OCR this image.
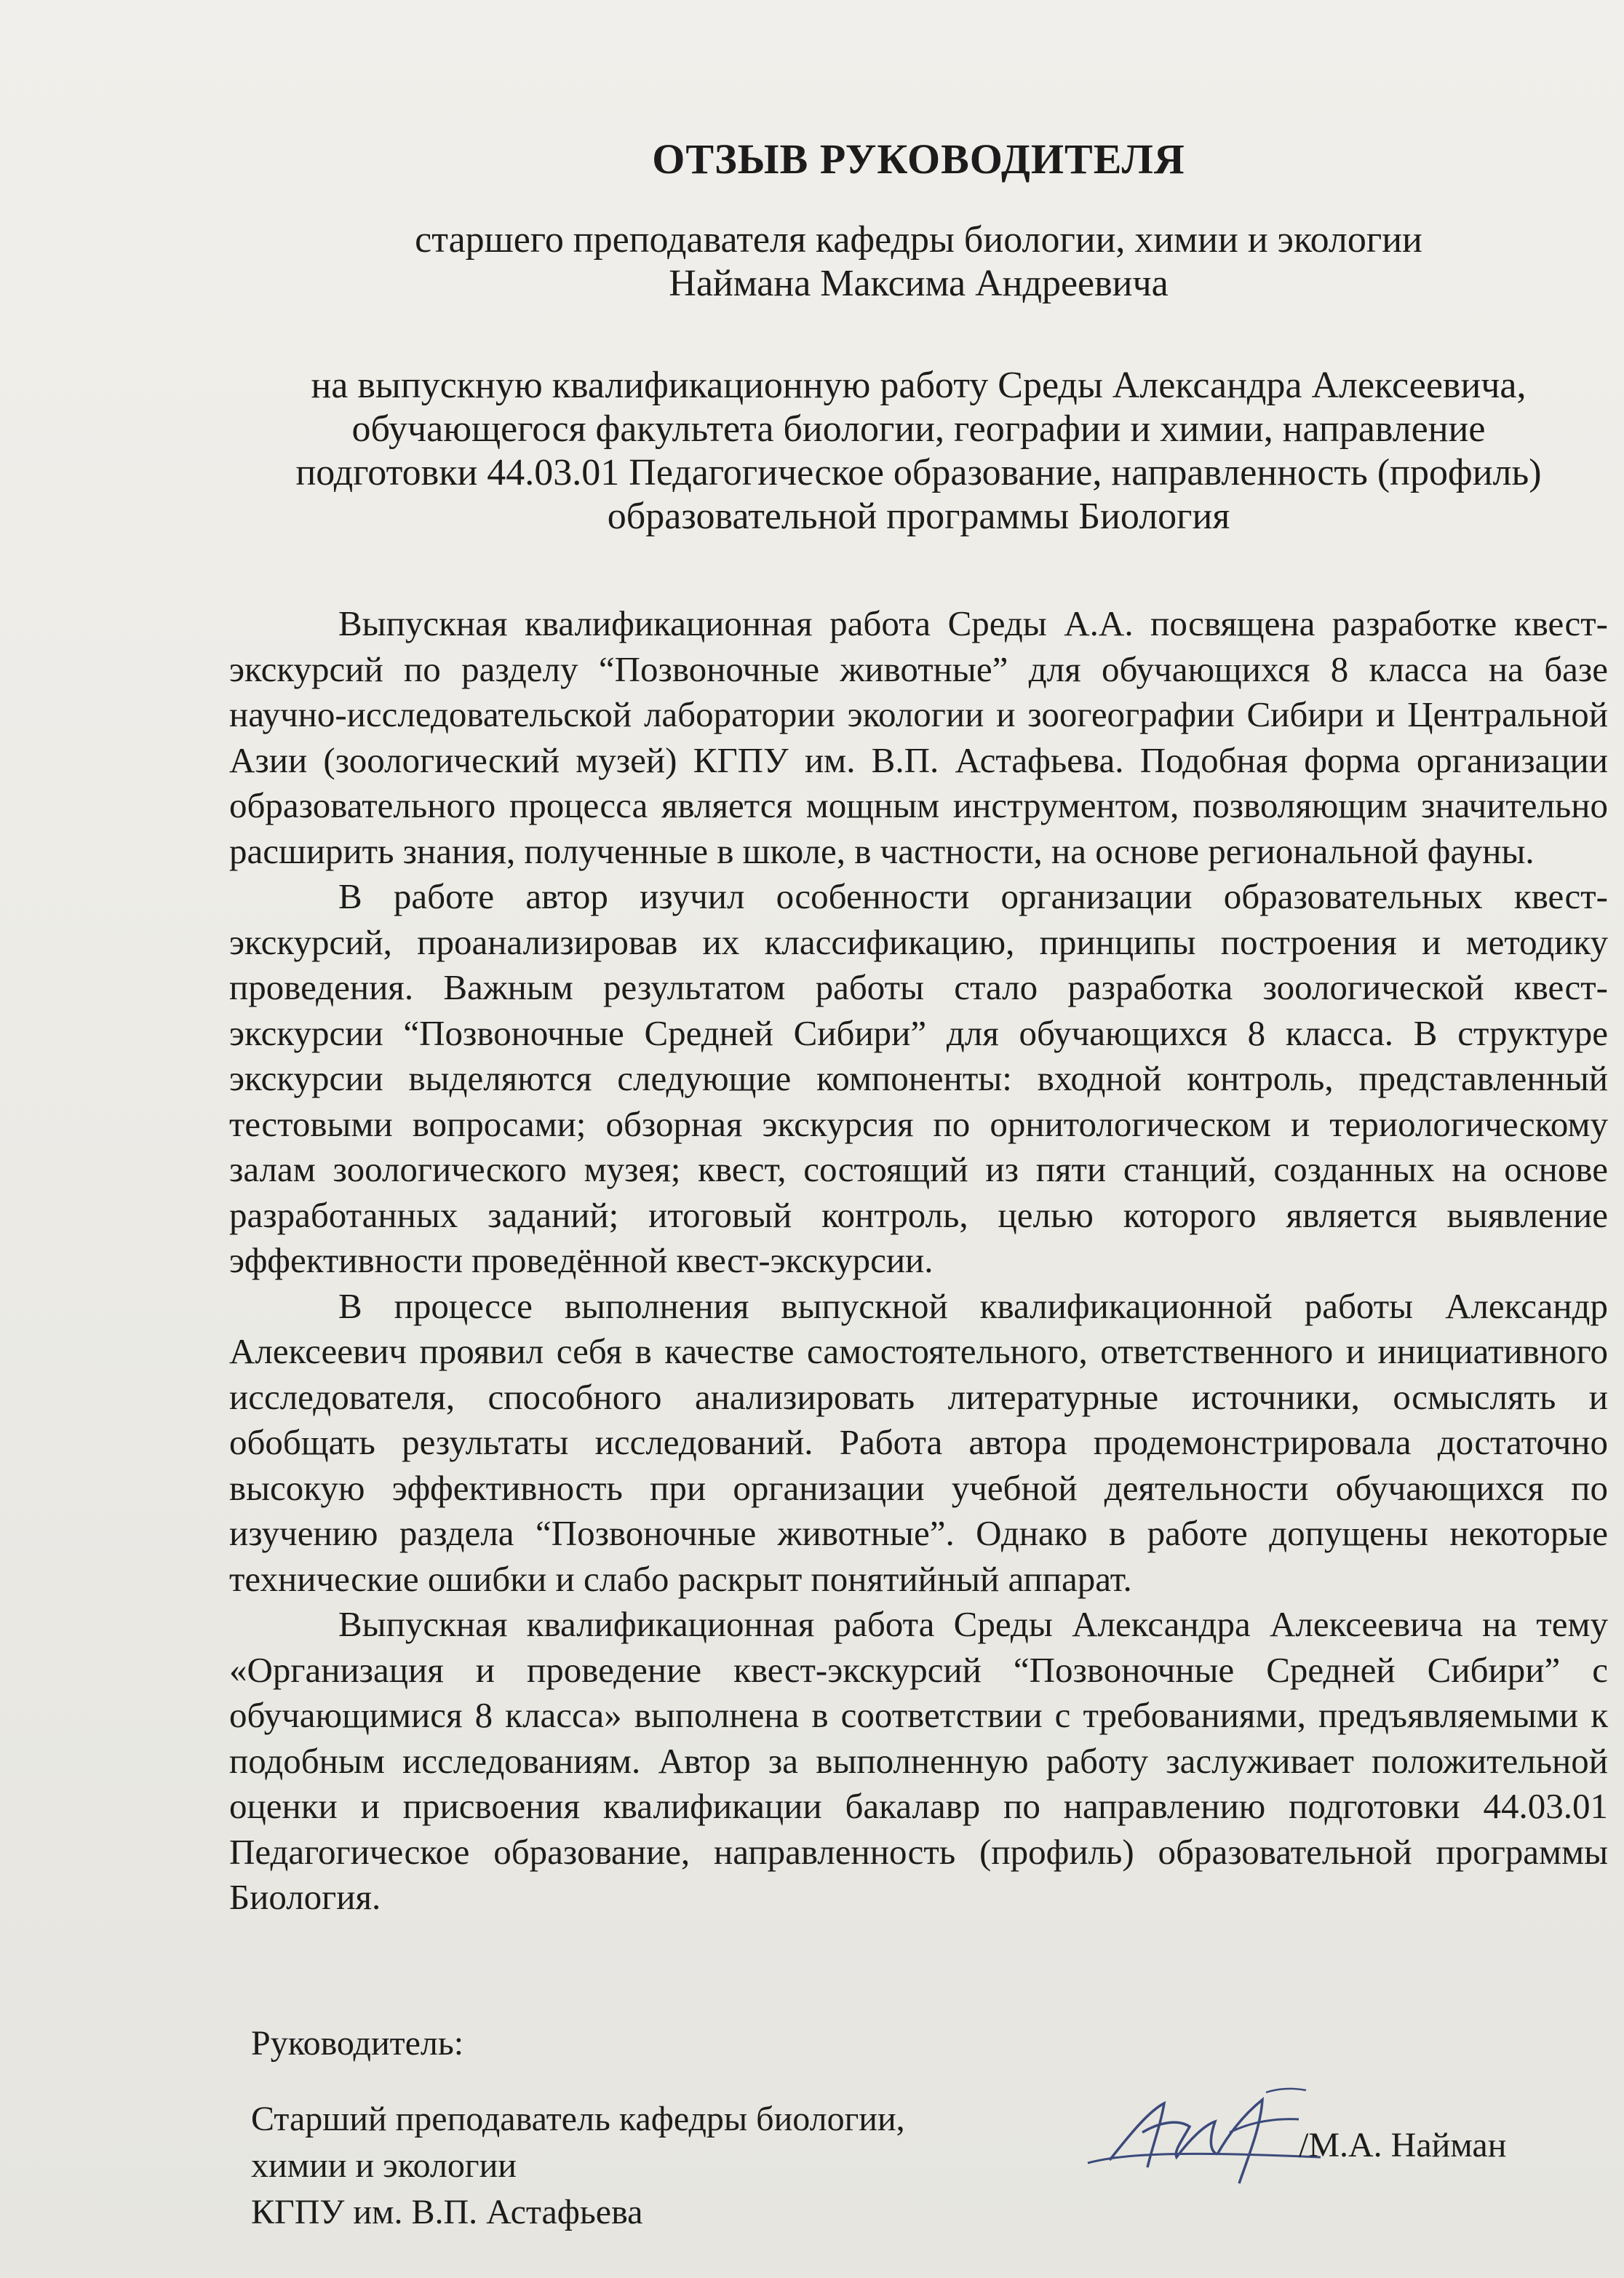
ОТЗЫВ РУКОВОДИТЕЛЯ
старшего преподавателя кафедры биологии, химии и экологии
Наймана Максима Андреевича
на выпускную квалификационную работу Среды Александра Алексеевича,
обучающегося факультета биологии, географии и химии, направление
подготовки 44.03.01 Педагогическое образование, направленность (профиль)
образовательной программы Биология

Выпускная квалификационная работа Среды А.А. посвящена разработке квест-экскурсий по разделу “Позвоночные животные” для обучающихся 8 класса на базе научно-исследовательской лаборатории экологии и зоогеографии Сибири и Центральной Азии (зоологический музей) КГПУ им. В.П. Астафьева. Подобная форма организации образовательного процесса является мощным инструментом, позволяющим значительно расширить знания, полученные в школе, в частности, на основе региональной фауны.

В работе автор изучил особенности организации образовательных квест-экскурсий, проанализировав их классификацию, принципы построения и методику проведения. Важным результатом работы стало разработка зоологической квест-экскурсии “Позвоночные Средней Сибири” для обучающихся 8 класса. В структуре экскурсии выделяются следующие компоненты: входной контроль, представленный тестовыми вопросами; обзорная экскурсия по орнитологическом и териологическому залам зоологического музея; квест, состоящий из пяти станций, созданных на основе разработанных заданий; итоговый контроль, целью которого является выявление эффективности проведённой квест-экскурсии.

В процессе выполнения выпускной квалификационной работы Александр Алексеевич проявил себя в качестве самостоятельного, ответственного и инициативного исследователя, способного анализировать литературные источники, осмыслять и обобщать результаты исследований. Работа автора продемонстрировала достаточно высокую эффективность при организации учебной деятельности обучающихся по изучению раздела “Позвоночные животные”. Однако в работе допущены некоторые технические ошибки и слабо раскрыт понятийный аппарат.

Выпускная квалификационная работа Среды Александра Алексеевича на тему «Организация и проведение квест-экскурсий “Позвоночные Средней Сибири” с обучающимися 8 класса» выполнена в соответствии с требованиями, предъявляемыми к подобным исследованиям. Автор за выполненную работу заслуживает положительной оценки и присвоения квалификации бакалавр по направлению подготовки 44.03.01 Педагогическое образование, направленность (профиль) образовательной программы Биология.

Руководитель:
Старший преподаватель кафедры биологии,
химии и экологии
КГПУ им. В.П. Астафьева
/М.А. Найман
